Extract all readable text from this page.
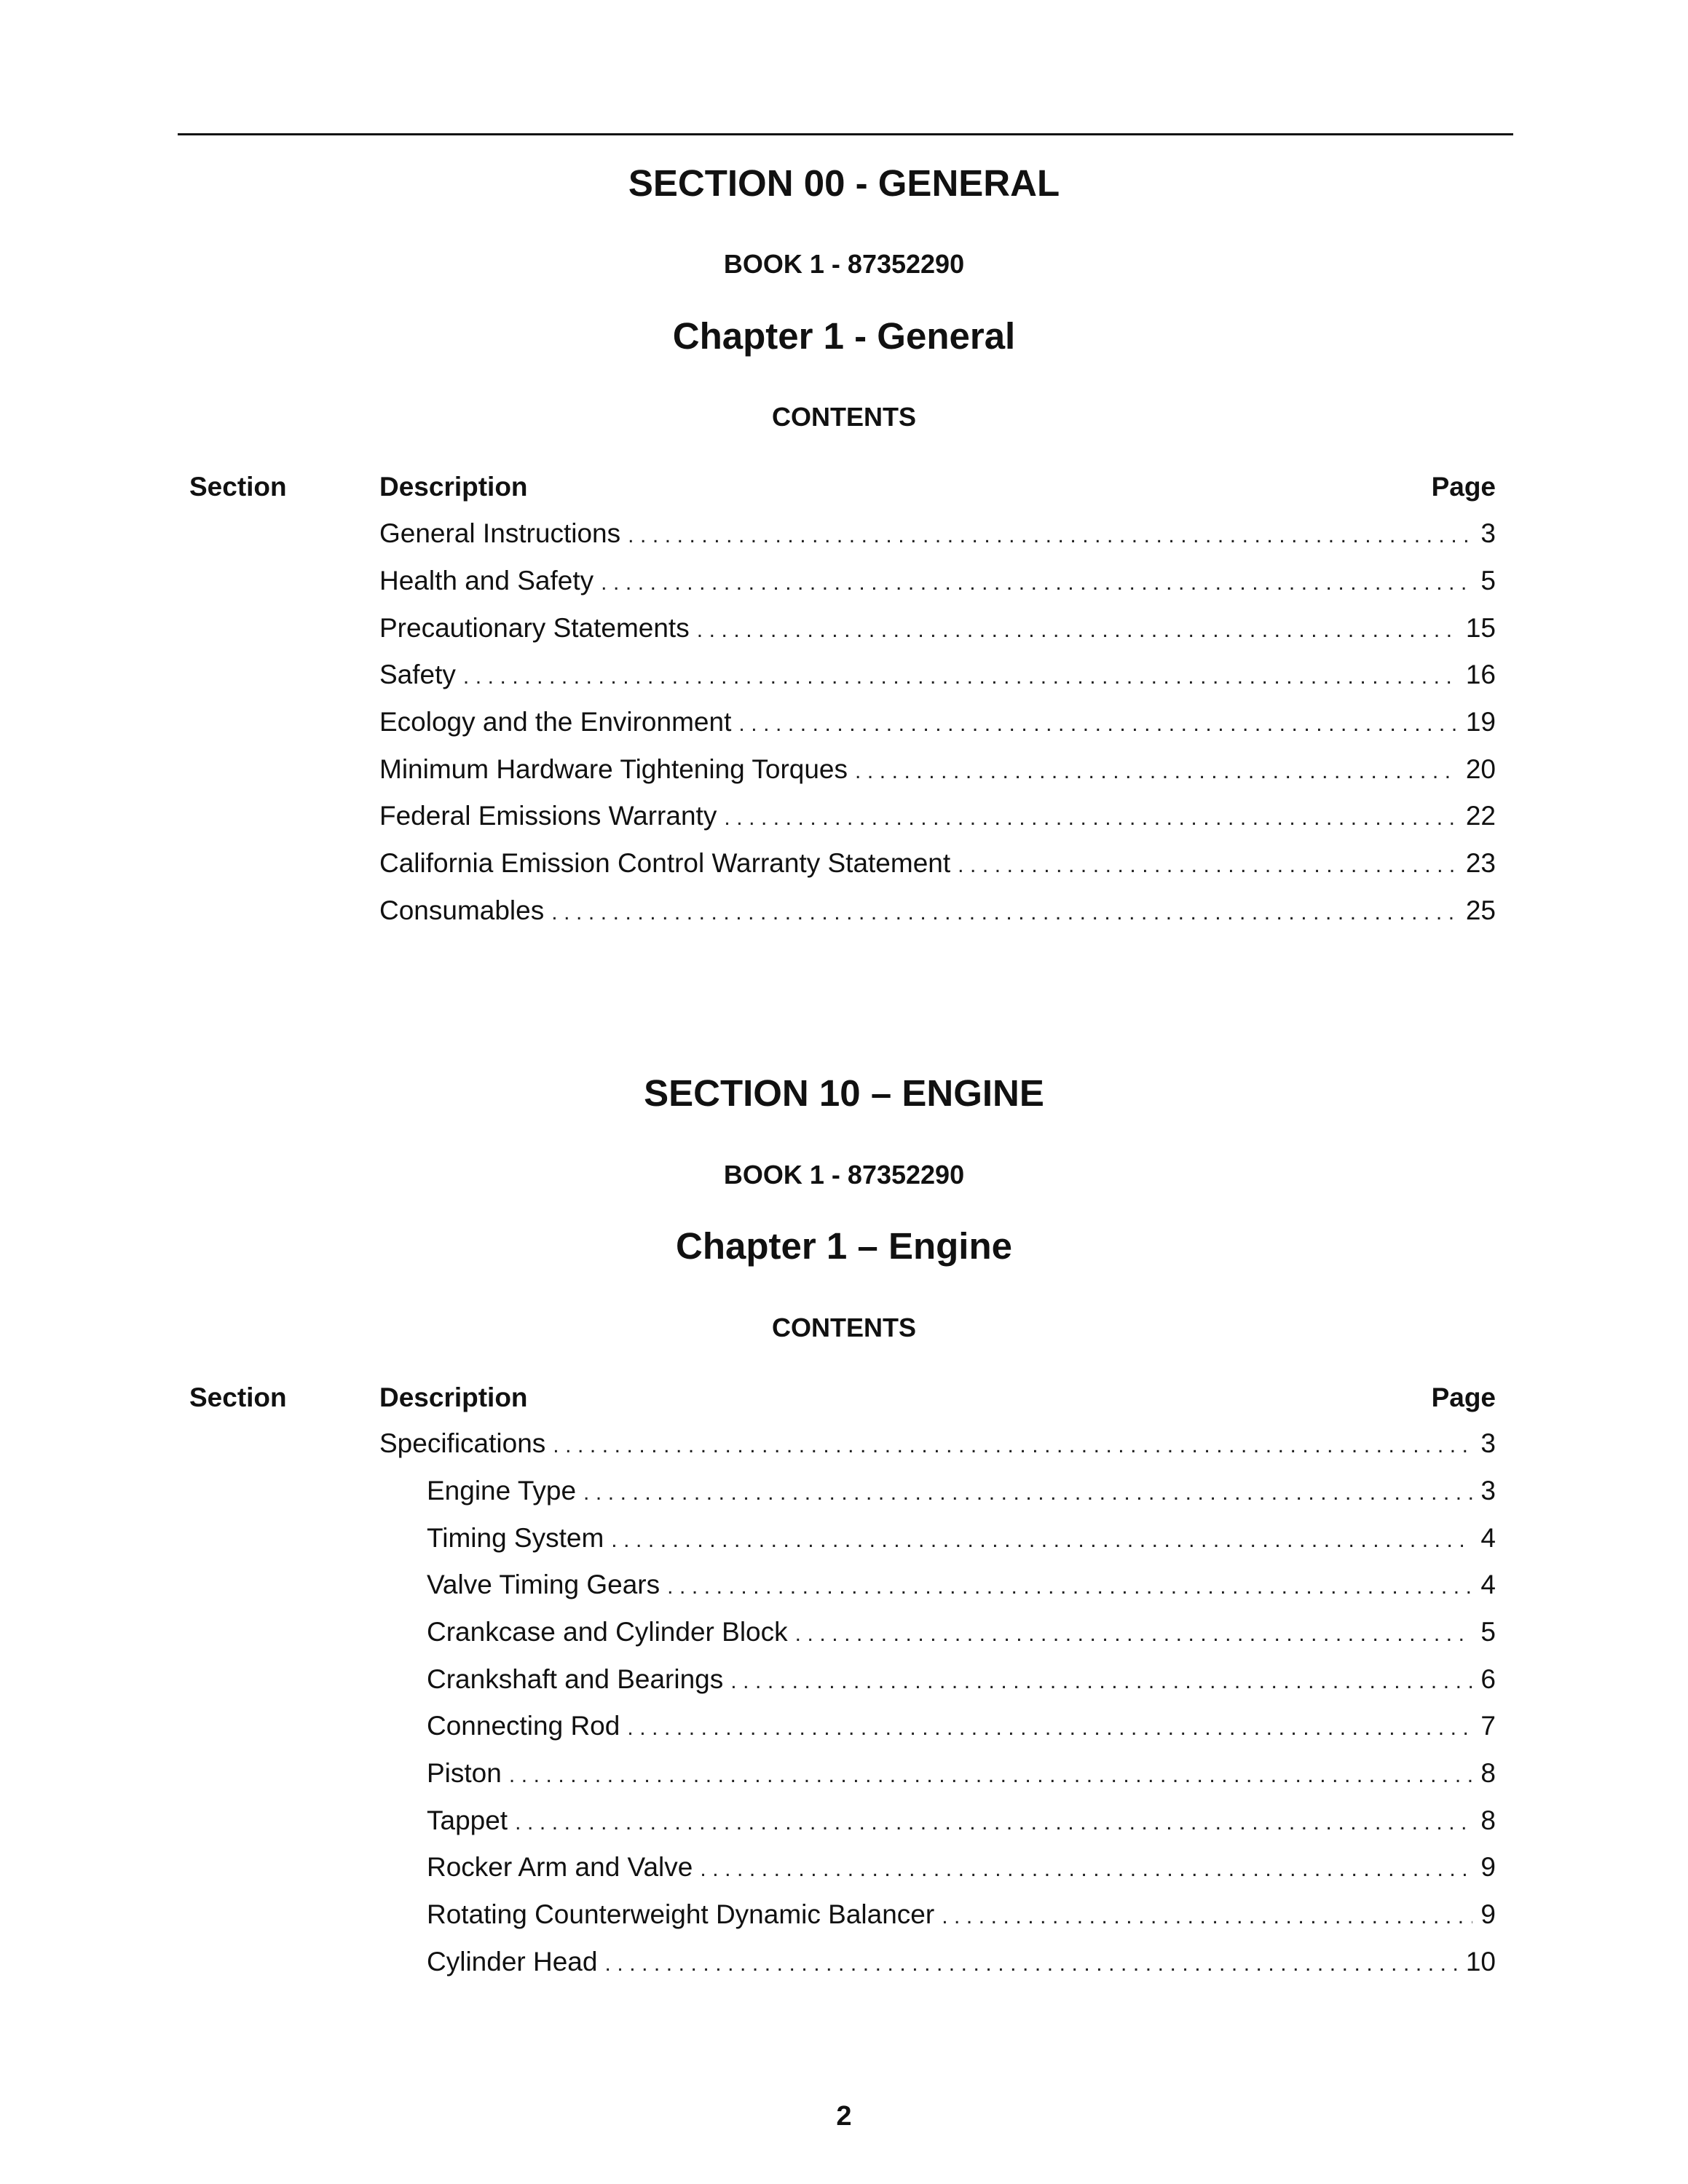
SECTION 00 - GENERAL
BOOK 1 - 87352290
Chapter 1 - General
CONTENTS
Section	Description	Page
General Instructions . . .	3
Health and Safety . . .	5
Precautionary Statements . . .	15
Safety . . .	16
Ecology and the Environment . . .	19
Minimum Hardware Tightening Torques . . .	20
Federal Emissions Warranty . . .	22
California Emission Control Warranty Statement . . .	23
Consumables . . .	25
SECTION 10 – ENGINE
BOOK 1 - 87352290
Chapter 1 – Engine
CONTENTS
Section	Description	Page
Specifications . . .	3
Engine Type . . .	3
Timing System . . .	4
Valve Timing Gears . . .	4
Crankcase and Cylinder Block . . .	5
Crankshaft and Bearings . . .	6
Connecting Rod . . .	7
Piston . . .	8
Tappet . . .	8
Rocker Arm and Valve . . .	9
Rotating Counterweight Dynamic Balancer . . .	9
Cylinder Head . . .	10
2
